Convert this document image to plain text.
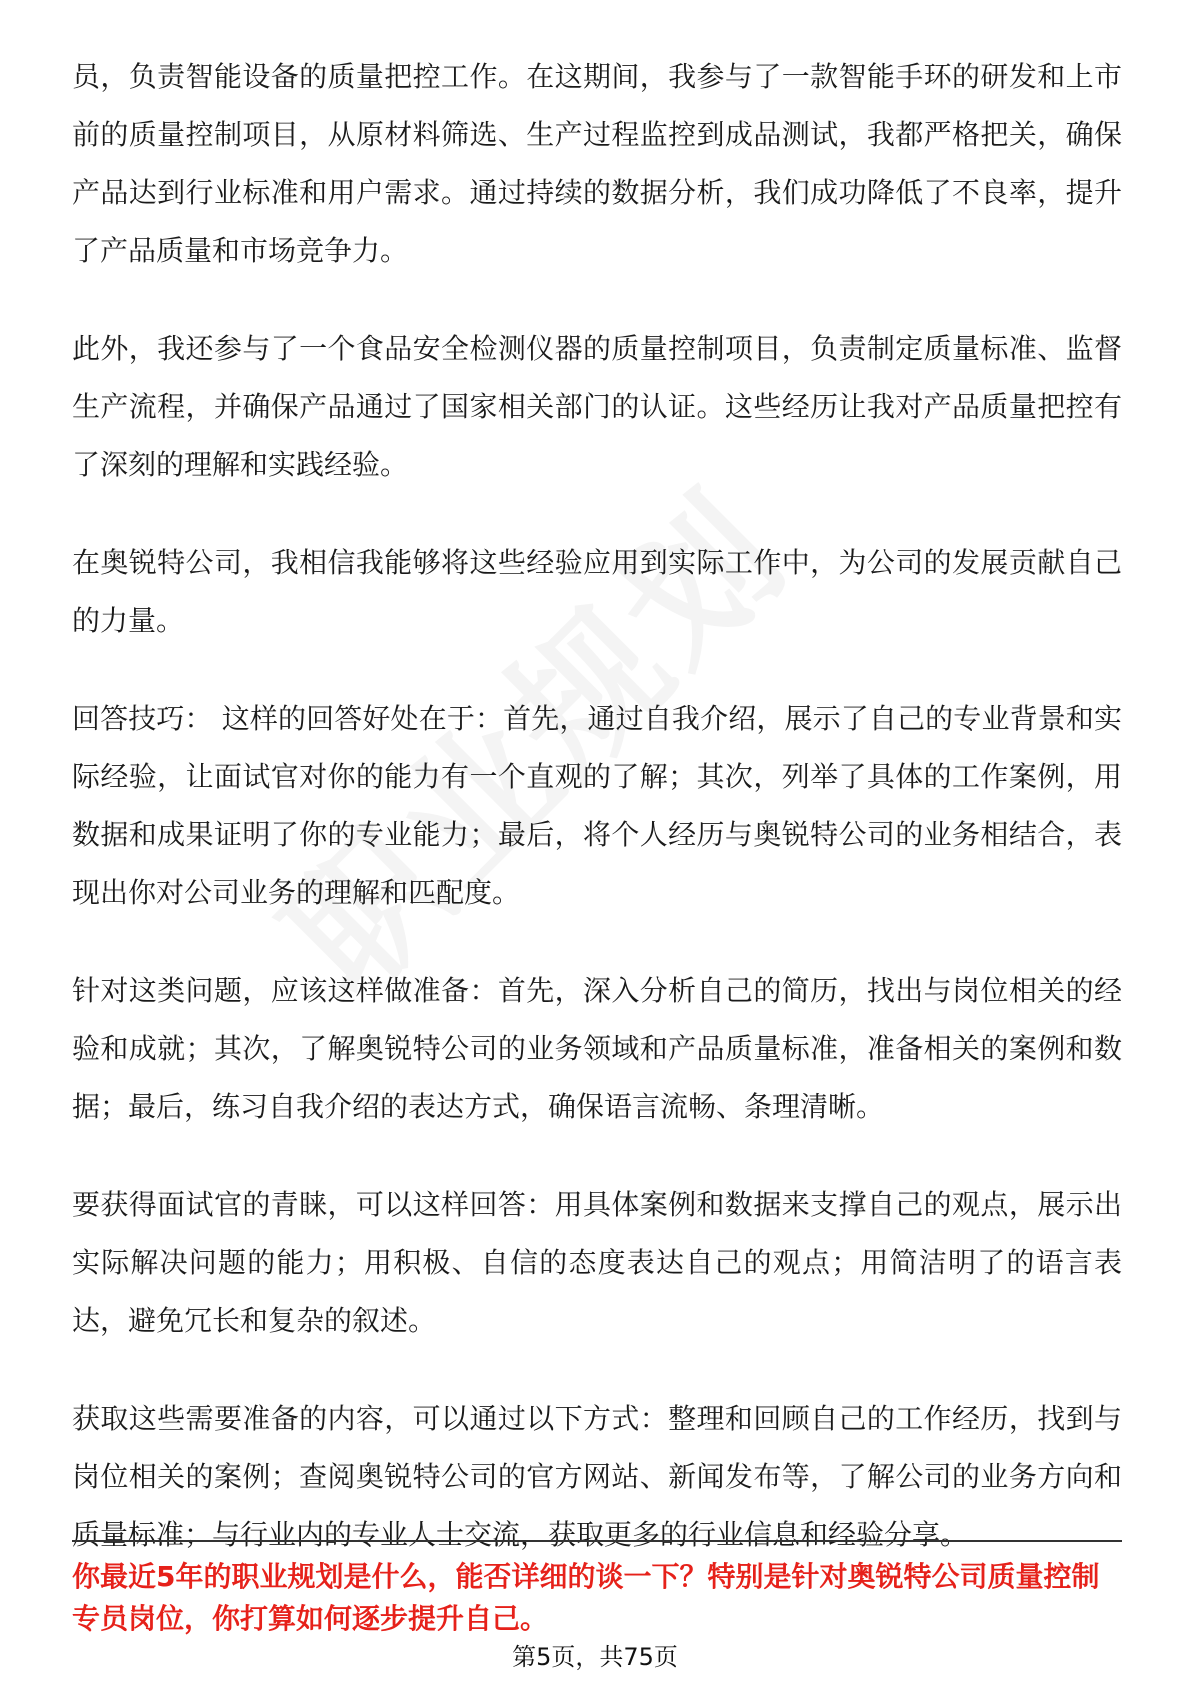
员，负责智能设备的质量把控工作。在这期间，我参与了一款智能手环的研发和上市前的质量控制项目，从原材料筛选、生产过程监控到成品测试，我都严格把关，确保产品达到行业标准和用户需求。通过持续的数据分析，我们成功降低了不良率，提升了产品质量和市场竞争力。

此外，我还参与了一个食品安全检测仪器的质量控制项目，负责制定质量标准、监督生产流程，并确保产品通过了国家相关部门的认证。这些经历让我对产品质量把控有了深刻的理解和实践经验。

在奥锐特公司，我相信我能够将这些经验应用到实际工作中，为公司的发展贡献自己的力量。

回答技巧： 这样的回答好处在于：首先，通过自我介绍，展示了自己的专业背景和实际经验，让面试官对你的能力有一个直观的了解；其次，列举了具体的工作案例，用数据和成果证明了你的专业能力；最后，将个人经历与奥锐特公司的业务相结合，表现出你对公司业务的理解和匹配度。

针对这类问题，应该这样做准备：首先，深入分析自己的简历，找出与岗位相关的经验和成就；其次，了解奥锐特公司的业务领域和产品质量标准，准备相关的案例和数据；最后，练习自我介绍的表达方式，确保语言流畅、条理清晰。

要获得面试官的青睐，可以这样回答：用具体案例和数据来支撑自己的观点，展示出实际解决问题的能力；用积极、自信的态度表达自己的观点；用简洁明了的语言表达，避免冗长和复杂的叙述。

获取这些需要准备的内容，可以通过以下方式：整理和回顾自己的工作经历，找到与岗位相关的案例；查阅奥锐特公司的官方网站、新闻发布等，了解公司的业务方向和质量标准；与行业内的专业人士交流，获取更多的行业信息和经验分享。

你最近5年的职业规划是什么，能否详细的谈一下？特别是针对奥锐特公司质量控制专员岗位，你打算如何逐步提升自己。

第5页，共75页
